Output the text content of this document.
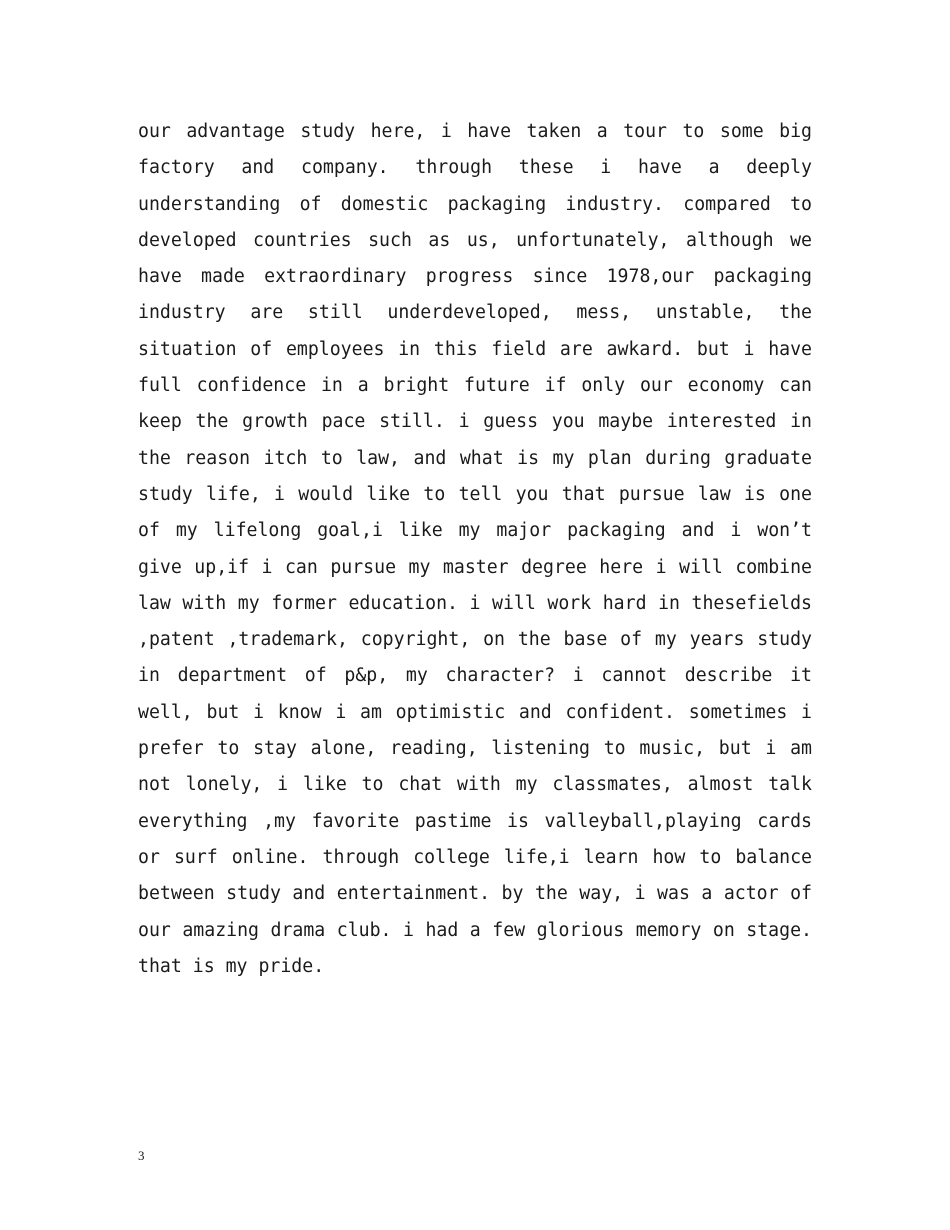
our advantage study here, i have taken a tour to some big factory and company. through these i have a deeply understanding of domestic packaging industry. compared to developed countries such as us, unfortunately, although we have made extraordinary progress since 1978,our packaging industry are still underdeveloped, mess, unstable, the situation of employees in this field are awkard. but i have full confidence in a bright future if only our economy can keep the growth pace still. i guess you maybe interested in the reason itch to law, and what is my plan during graduate study life, i would like to tell you that pursue law is one of my lifelong goal,i like my major packaging and i won’t give up,if i can pursue my master degree here i will combine law with my former education. i will work hard in thesefields ,patent ,trademark, copyright, on the base of my years study in department of p&p, my character? i cannot describe it well, but i know i am optimistic and confident. sometimes i prefer to stay alone, reading, listening to music, but i am not lonely, i like to chat with my classmates, almost talk everything ,my favorite pastime is valleyball,playing cards or surf online. through college life,i learn how to balance between study and entertainment. by the way, i was a actor of our amazing drama club. i had a few glorious memory on stage. that is my pride.

3
